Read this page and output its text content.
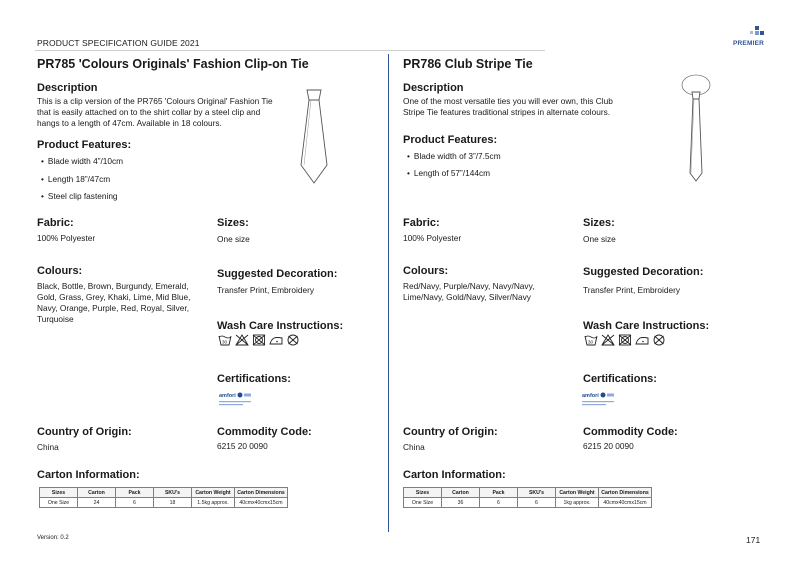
PRODUCT SPECIFICATION GUIDE 2021	PREMIER
PR785 'Colours Originals' Fashion Clip-on Tie
Description
This is a clip version of the PR765 'Colours Original' Fashion Tie
that is easily attached on to the shirt collar by a steel clip and
hangs to a length of 47cm. Available in 18 colours.
Product Features:
• Blade width 4”/10cm
• Length 18”/47cm
• Steel clip fastening
Fabric:
100% Polyester
Sizes:
One size
Colours:
Black, Bottle, Brown, Burgundy, Emerald,
Gold, Grass, Grey, Khaki, Lime, Mid Blue,
Navy, Orange, Purple, Red, Royal, Silver,
Turquoise
Suggested Decoration:
Transfer Print, Embroidery
Wash Care Instructions:
30
Certifications:
amfori
Country of Origin:
China
Commodity Code:
6215 20 0090
Carton Information:
Sizes	Carton	Pack	SKU's	Carton Weight	Carton Dimensions
One Size	24	6	18	1.5kg approx.	40cmx40cmx15cm
PR786 Club Stripe Tie
Description
One of the most versatile ties you will ever own, this Club
Stripe Tie features traditional stripes in alternate colours.
Product Features:
• Blade width of 3”/7.5cm
• Length of 57”/144cm
Fabric:
100% Polyester
Sizes:
One size
Colours:
Red/Navy, Purple/Navy, Navy/Navy,
Lime/Navy, Gold/Navy, Silver/Navy
Suggested Decoration:
Transfer Print, Embroidery
Wash Care Instructions:
30
Certifications:
amfori
Country of Origin:
China
Commodity Code:
6215 20 0090
Carton Information:
Sizes	Carton	Pack	SKU's	Carton Weight	Carton Dimensions
One Size	36	6	6	1kg approx.	40cmx40cmx15cm
Version: 0.2	171
